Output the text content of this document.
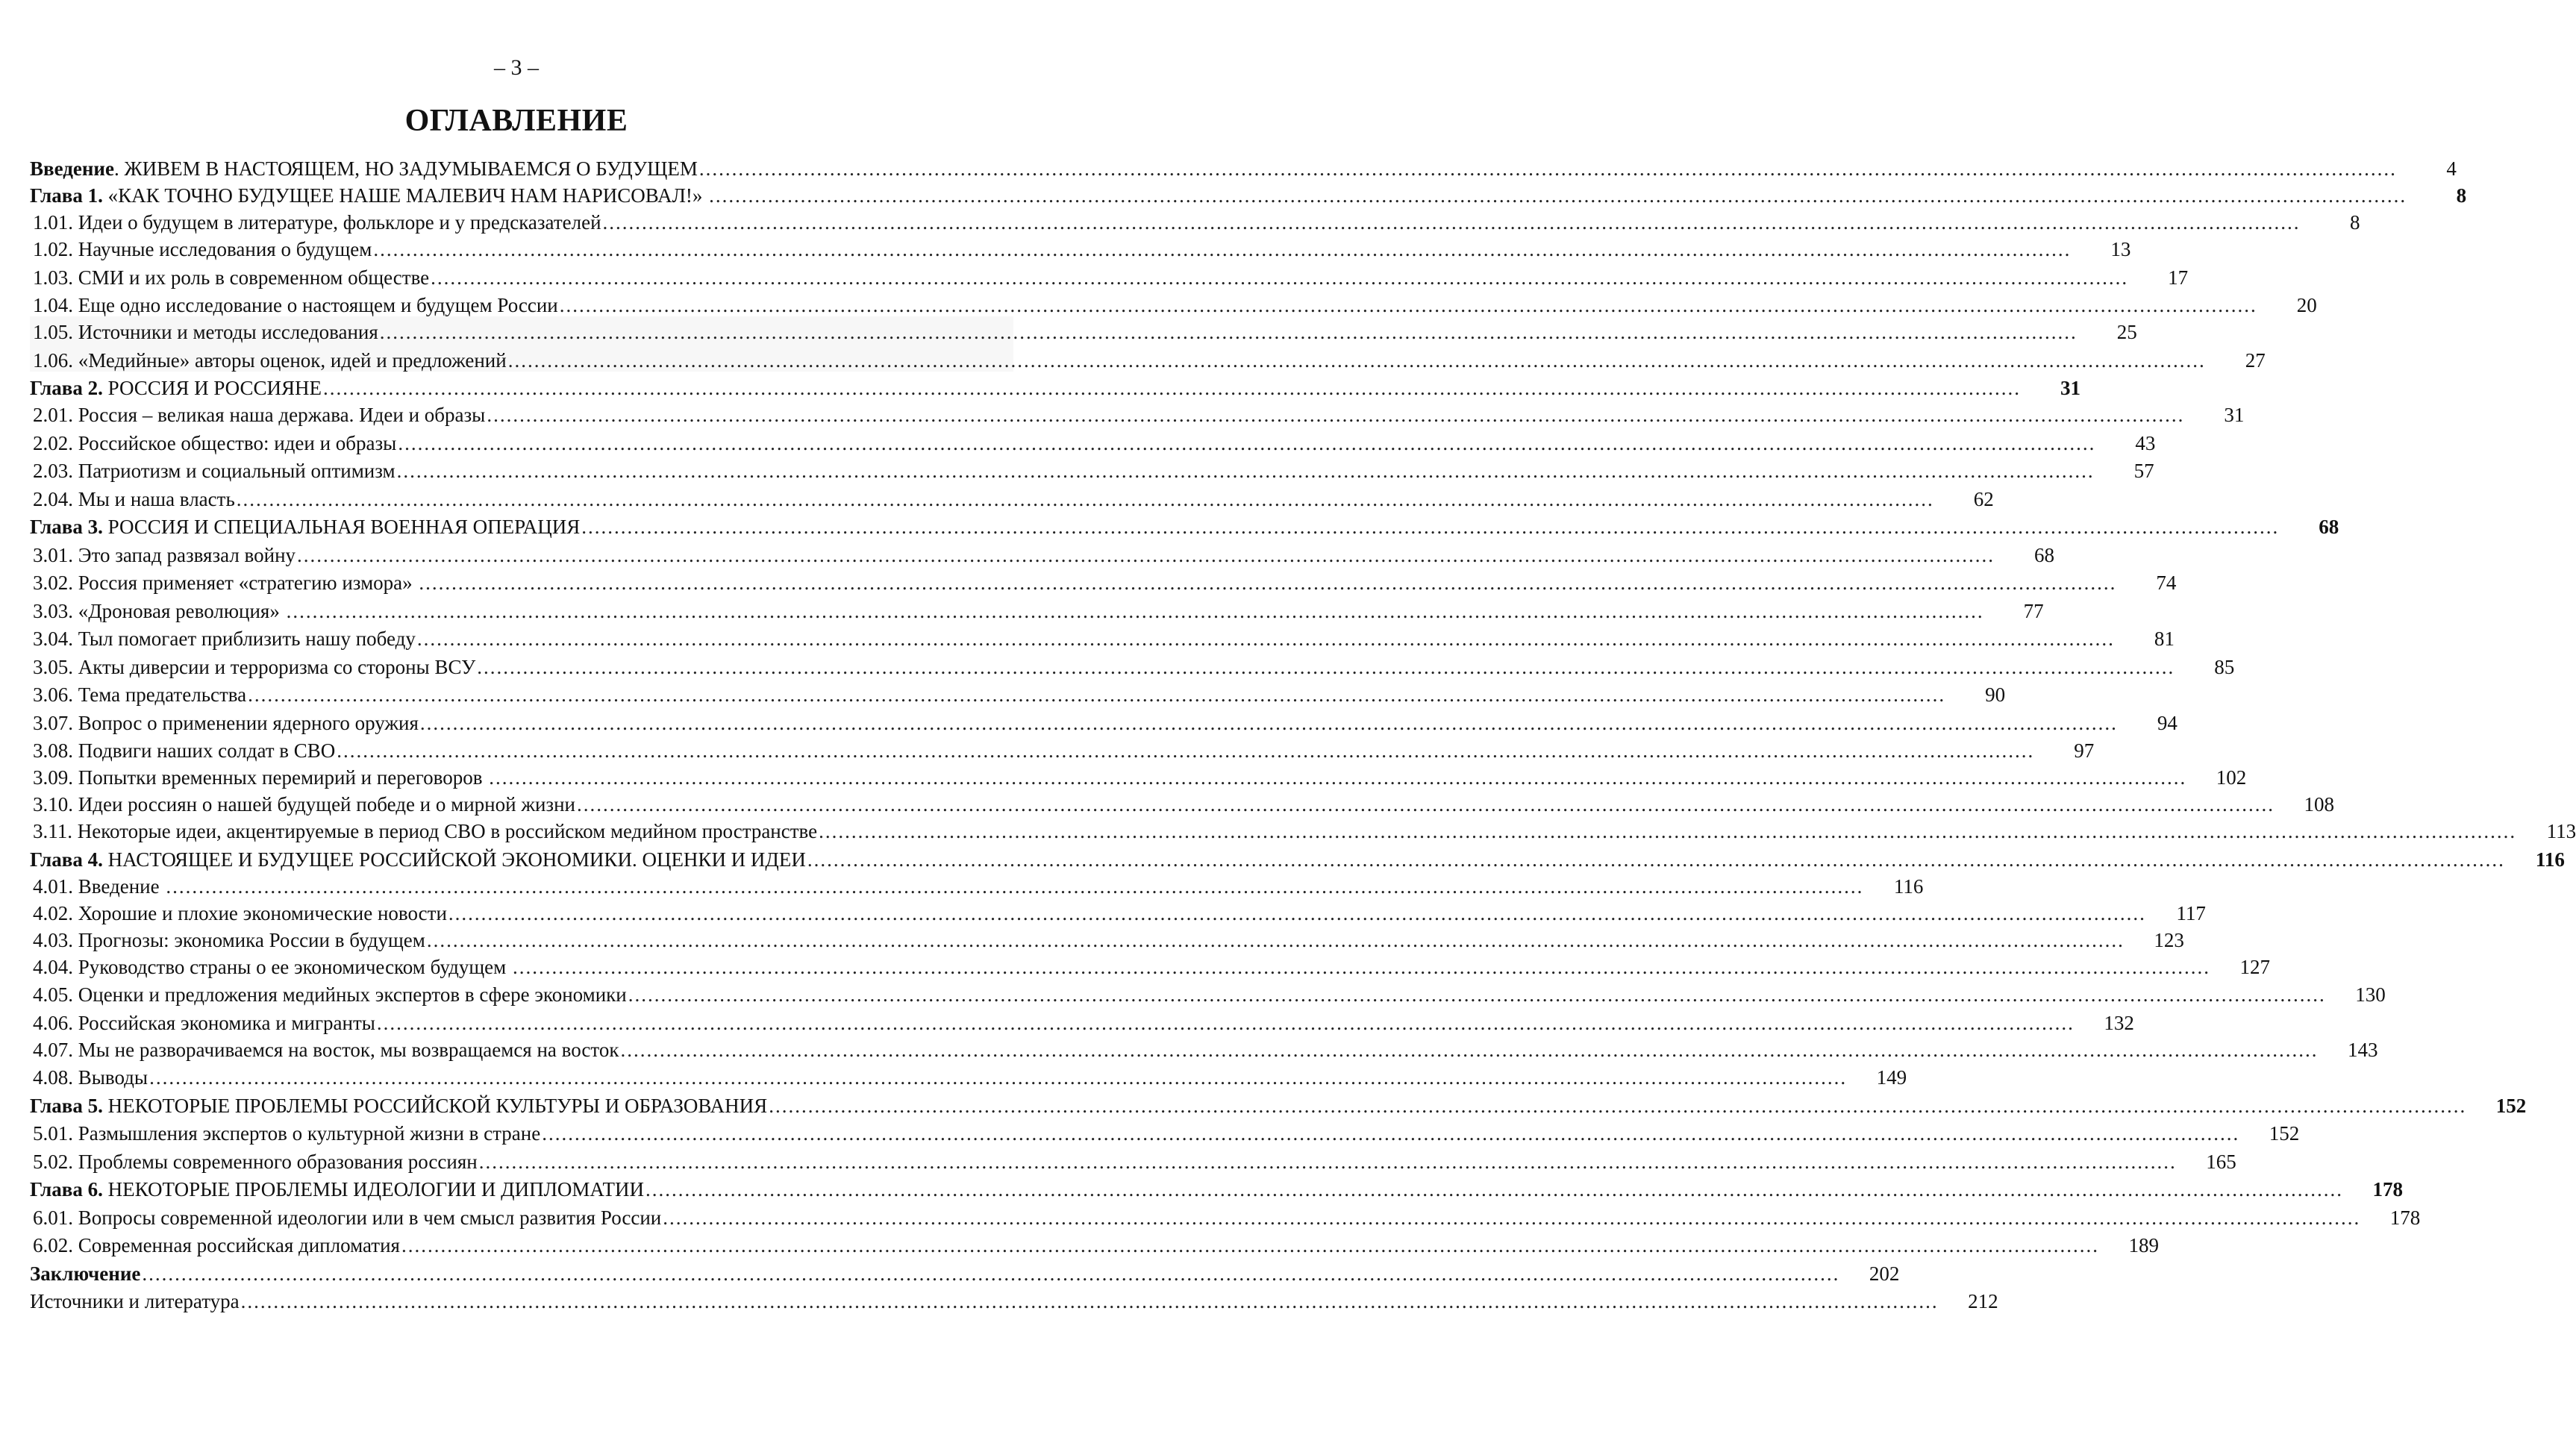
– 3 –
ОГЛАВЛЕНИЕ
Введение. ЖИВЕМ В НАСТОЯЩЕМ, НО ЗАДУМЫВАЕМСЯ О БУДУЩЕМ .....	4
Глава 1. «КАК ТОЧНО БУДУЩЕЕ НАШЕ МАЛЕВИЧ НАМ НАРИСОВАЛ!» .....	8
1.01. Идеи о будущем в литературе, фольклоре и у предсказателей .....	8
1.02. Научные исследования о будущем .....	13
1.03. СМИ и их роль в современном обществе .....	17
1.04. Еще одно исследование о настоящем и будущем России .....	20
1.05. Источники и методы исследования .....	25
1.06. «Медийные» авторы оценок, идей и предложений .....	27
Глава 2. РОССИЯ И РОССИЯНЕ .....	31
2.01. Россия – великая наша держава. Идеи и образы .....	31
2.02. Российское общество: идеи и образы .....	43
2.03. Патриотизм и социальный оптимизм .....	57
2.04. Мы и наша власть .....	62
Глава 3. РОССИЯ И СПЕЦИАЛЬНАЯ ВОЕННАЯ ОПЕРАЦИЯ .....	68
3.01. Это запад развязал войну .....	68
3.02. Россия применяет «стратегию измора» .....	74
3.03. «Дроновая революция» .....	77
3.04. Тыл помогает приблизить нашу победу .....	81
3.05. Акты диверсии и терроризма со стороны ВСУ .....	85
3.06. Тема предательства .....	90
3.07. Вопрос о применении ядерного оружия .....	94
3.08. Подвиги наших солдат в СВО .....	97
3.09. Попытки временных перемирий и переговоров .....	102
3.10. Идеи россиян о нашей будущей победе и о мирной жизни .....	108
3.11. Некоторые идеи, акцентируемые в период СВО в российском медийном пространстве .....	113
Глава 4. НАСТОЯЩЕЕ И БУДУЩЕЕ РОССИЙСКОЙ ЭКОНОМИКИ. ОЦЕНКИ И ИДЕИ .....	116
4.01. Введение .....	116
4.02. Хорошие и плохие экономические новости .....	117
4.03. Прогнозы: экономика России в будущем .....	123
4.04. Руководство страны о ее экономическом будущем .....	127
4.05. Оценки и предложения медийных экспертов в сфере экономики .....	130
4.06. Российская экономика и мигранты .....	132
4.07. Мы не разворачиваемся на восток, мы возвращаемся на восток .....	143
4.08. Выводы .....	149
Глава 5. НЕКОТОРЫЕ ПРОБЛЕМЫ РОССИЙСКОЙ КУЛЬТУРЫ И ОБРАЗОВАНИЯ .....	152
5.01. Размышления экспертов о культурной жизни в стране .....	152
5.02. Проблемы современного образования россиян .....	165
Глава 6. НЕКОТОРЫЕ ПРОБЛЕМЫ ИДЕОЛОГИИ И ДИПЛОМАТИИ .....	178
6.01. Вопросы современной идеологии или в чем смысл развития России .....	178
6.02. Современная российская дипломатия .....	189
Заключение .....	202
Источники и литература .....	212
